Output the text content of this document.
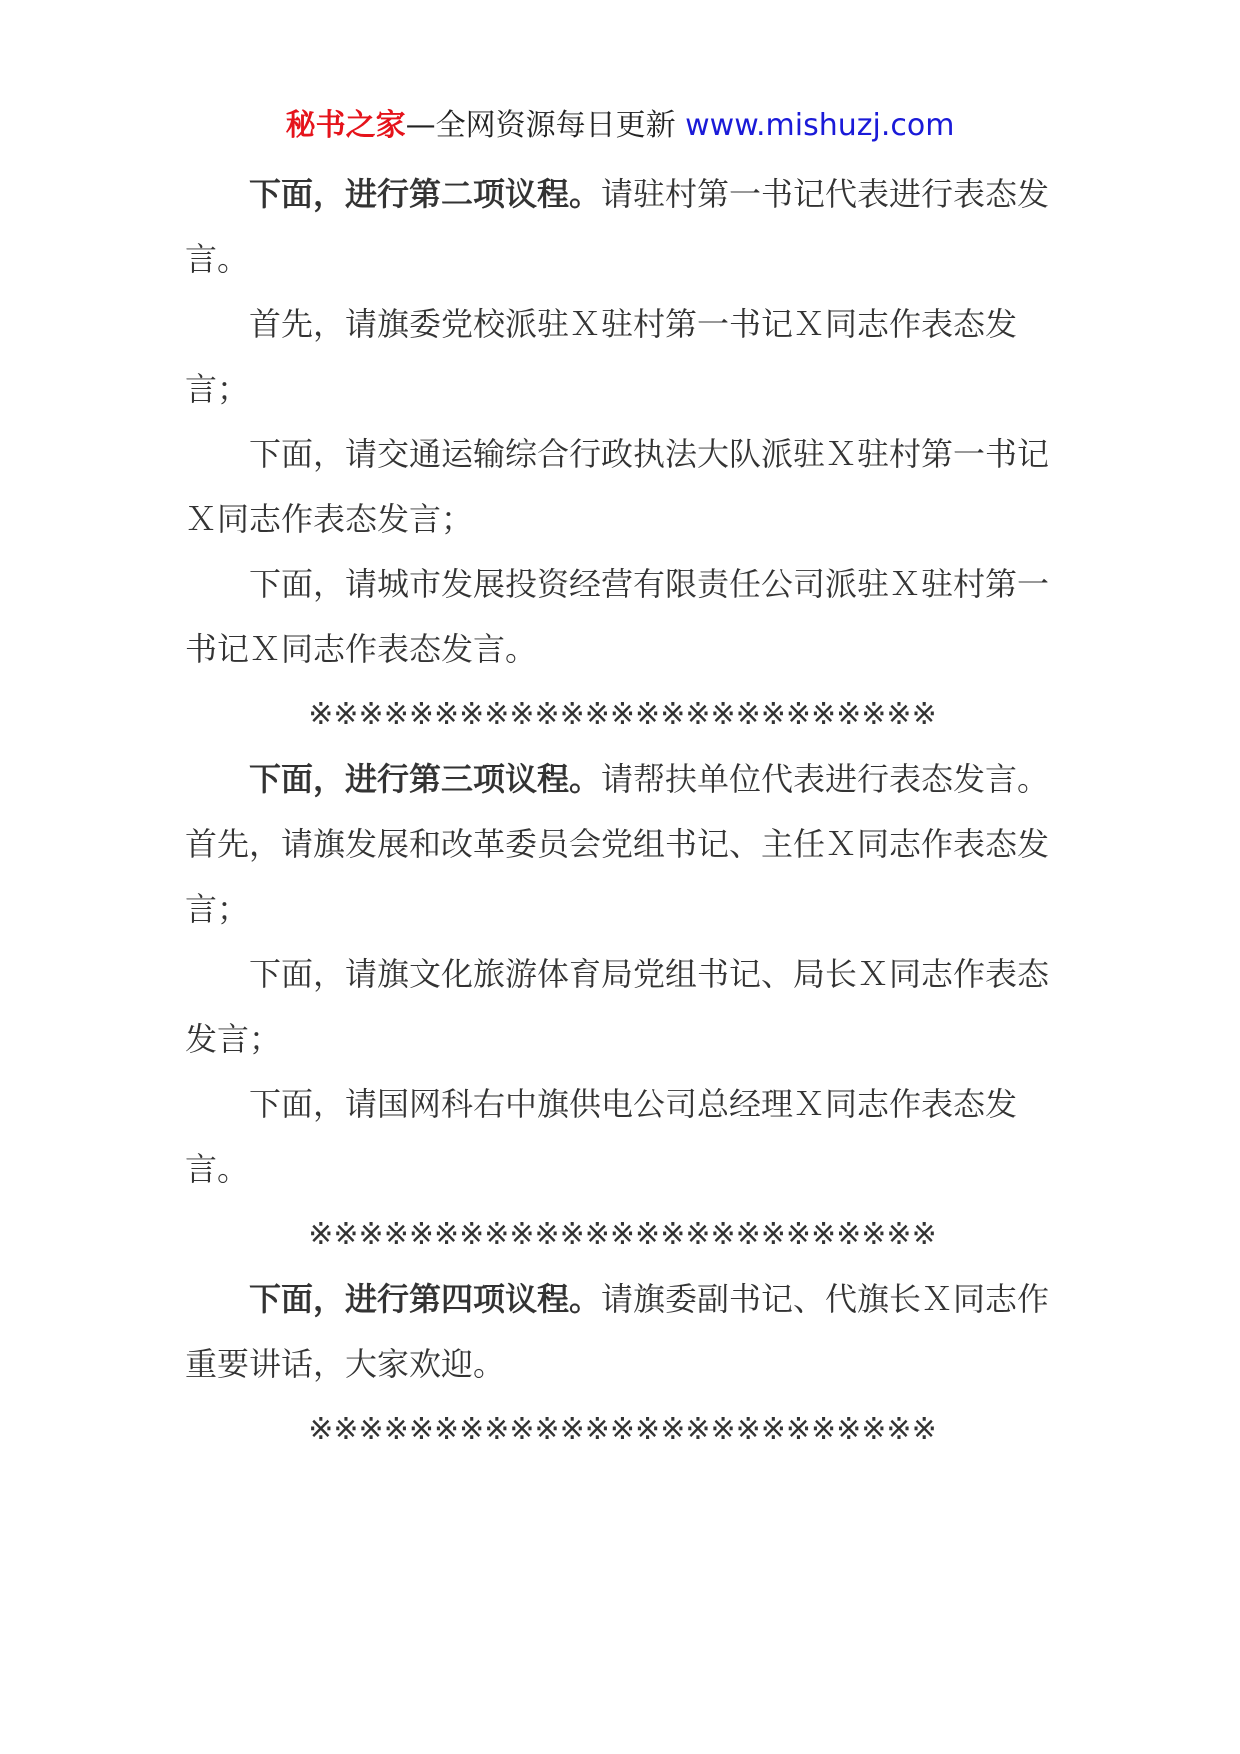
秘书之家—全网资源每日更新 www.mishuzj.com

下面，进行第二项议程。请驻村第一书记代表进行表态发言。

首先，请旗委党校派驻Ｘ驻村第一书记Ｘ同志作表态发言；

下面，请交通运输综合行政执法大队派驻Ｘ驻村第一书记Ｘ同志作表态发言；

下面，请城市发展投资经营有限责任公司派驻Ｘ驻村第一书记Ｘ同志作表态发言。

※※※※※※※※※※※※※※※※※※※※※※※※※

下面，进行第三项议程。请帮扶单位代表进行表态发言。

首先，请旗发展和改革委员会党组书记、主任Ｘ同志作表态发言；

下面，请旗文化旅游体育局党组书记、局长Ｘ同志作表态发言；

下面，请国网科右中旗供电公司总经理Ｘ同志作表态发言。

※※※※※※※※※※※※※※※※※※※※※※※※※

下面，进行第四项议程。请旗委副书记、代旗长Ｘ同志作重要讲话，大家欢迎。

※※※※※※※※※※※※※※※※※※※※※※※※※
